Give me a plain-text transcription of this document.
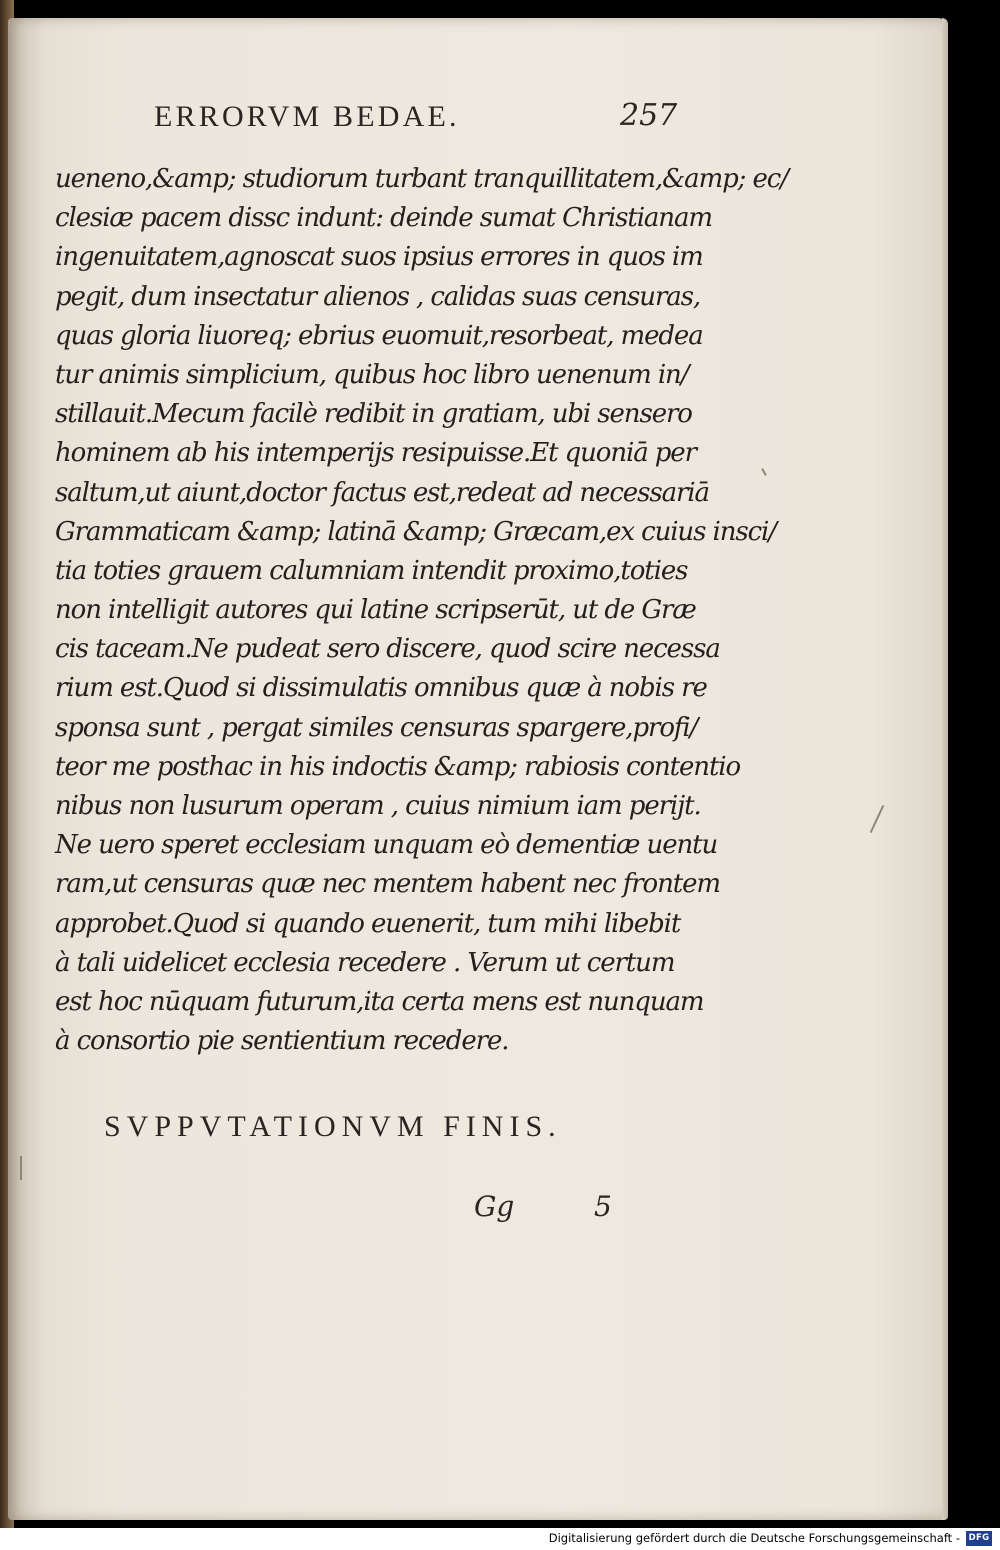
ERRORVM BEDAE.	257
ueneno,&amp; studiorum turbant tranquillitatem,&amp; ec/
clesiæ pacem dissc indunt: deinde sumat Christianam
ingenuitatem,agnoscat suos ipsius errores in quos im
pegit, dum insectatur alienos , calidas suas censuras,
quas gloria liuoreq; ebrius euomuit,resorbeat, medea
tur animis simplicium, quibus hoc libro uenenum in/
stillauit.Mecum facilè redibit in gratiam, ubi sensero
hominem ab his intemperijs resipuisse.Et quoniā per
saltum,ut aiunt,doctor factus est,redeat ad necessariā
Grammaticam &amp; latinā &amp; Græcam,ex cuius insci/
tia toties grauem calumniam intendit proximo,toties
non intelligit autores qui latine scripserūt, ut de Græ
cis taceam.Ne pudeat sero discere, quod scire necessa
rium est.Quod si dissimulatis omnibus quæ à nobis re
sponsa sunt , pergat similes censuras spargere,profi/
teor me posthac in his indoctis &amp; rabiosis contentio
nibus non lusurum operam , cuius nimium iam perijt.
Ne uero speret ecclesiam unquam eò dementiæ uentu
ram,ut censuras quæ nec mentem habent nec frontem
approbet.Quod si quando euenerit, tum mihi libebit
à tali uidelicet ecclesia recedere . Verum ut certum
est hoc nūquam futurum,ita certa mens est nunquam
à consortio pie sentientium recedere.
SVPPVTATIONVM FINIS.
Gg	5
Digitalisierung gefördert durch die Deutsche Forschungsgemeinschaft -	DFG
